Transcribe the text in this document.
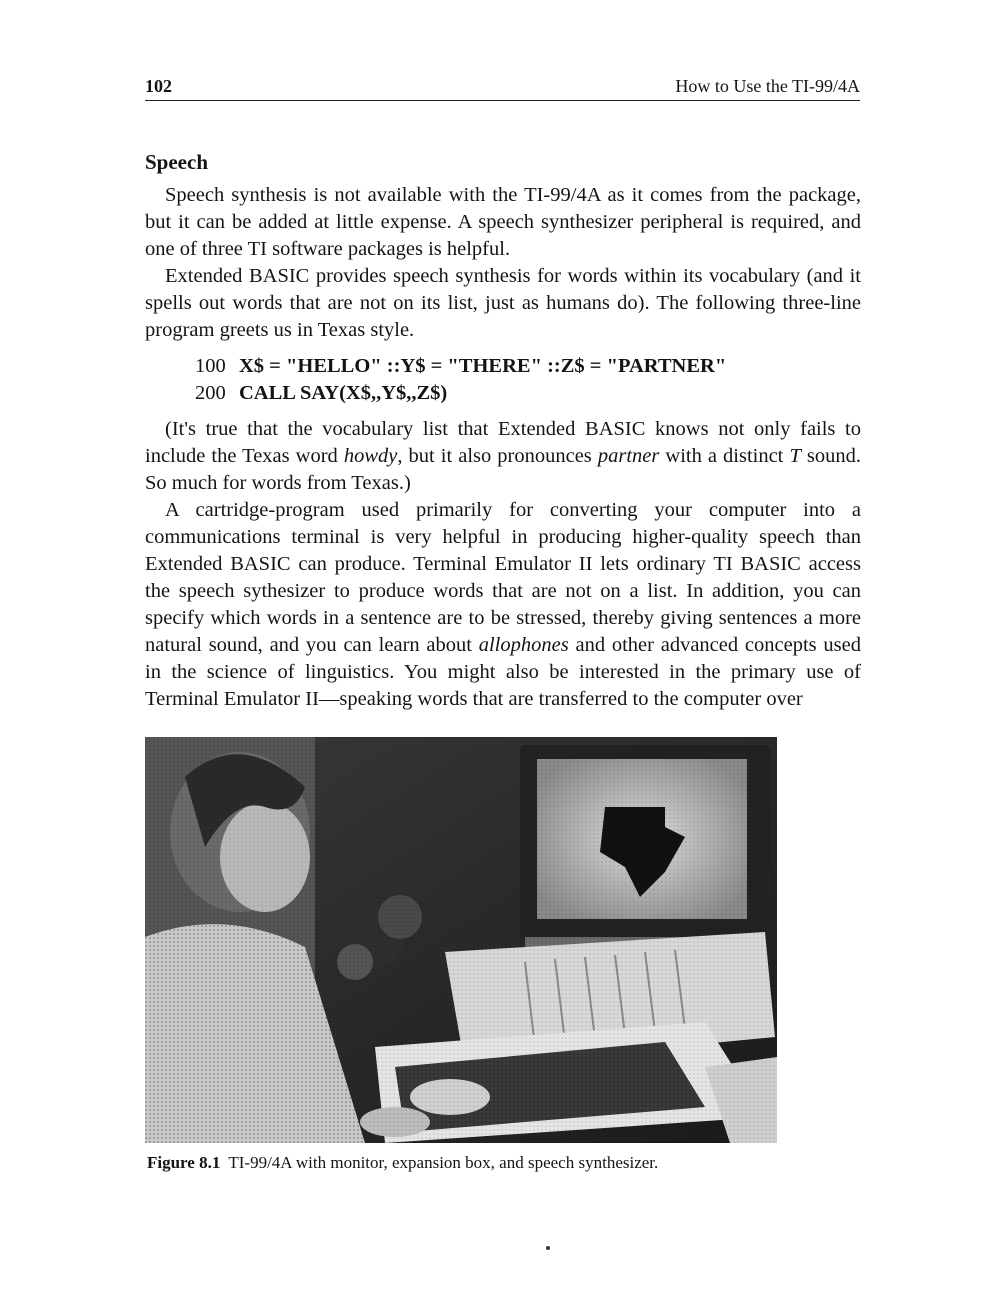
102	How to Use the TI-99/4A
Speech

Speech synthesis is not available with the TI-99/4A as it comes from the package, but it can be added at little expense. A speech synthesizer peripheral is required, and one of three TI software packages is helpful.

Extended BASIC provides speech synthesis for words within its vocabulary (and it spells out words that are not on its list, just as humans do). The following three-line program greets us in Texas style.

100 X$ = "HELLO" ::Y$ = "THERE" ::Z$ = "PARTNER"
200 CALL SAY(X$,,Y$,,Z$)

(It's true that the vocabulary list that Extended BASIC knows not only fails to include the Texas word howdy, but it also pronounces partner with a distinct T sound. So much for words from Texas.)

A cartridge-program used primarily for converting your computer into a communications terminal is very helpful in producing higher-quality speech than Extended BASIC can produce. Terminal Emulator II lets ordinary TI BASIC access the speech sythesizer to produce words that are not on a list. In addition, you can specify which words in a sentence are to be stressed, thereby giving sentences a more natural sound, and you can learn about allophones and other advanced concepts used in the science of linguistics. You might also be interested in the primary use of Terminal Emulator II—speaking words that are transferred to the computer over

Figure 8.1 TI-99/4A with monitor, expansion box, and speech synthesizer.
